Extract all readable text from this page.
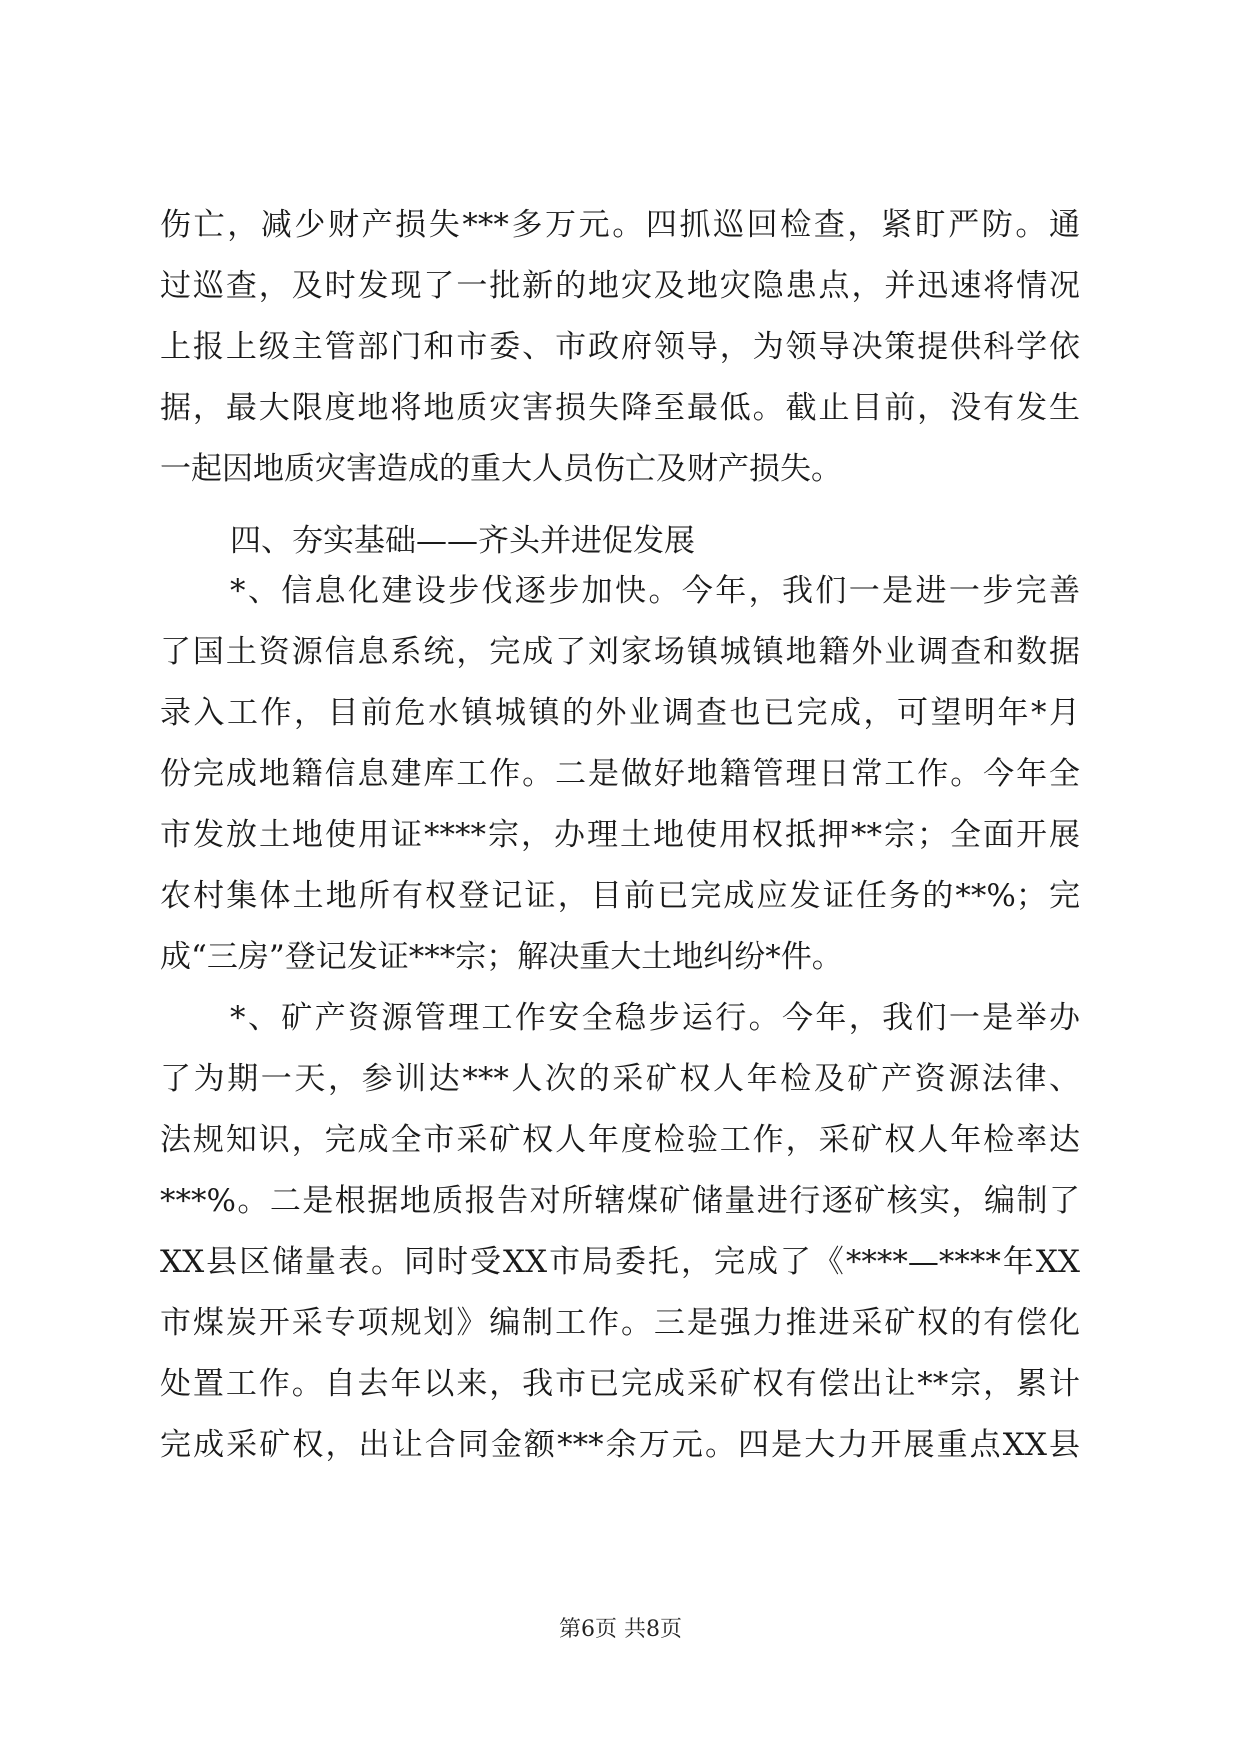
伤亡，减少财产损失***多万元。四抓巡回检查，紧盯严防。通
过巡查，及时发现了一批新的地灾及地灾隐患点，并迅速将情况
上报上级主管部门和市委、市政府领导，为领导决策提供科学依
据，最大限度地将地质灾害损失降至最低。截止目前，没有发生
一起因地质灾害造成的重大人员伤亡及财产损失。
四、夯实基础——齐头并进促发展
*、信息化建设步伐逐步加快。今年，我们一是进一步完善
了国土资源信息系统，完成了刘家场镇城镇地籍外业调查和数据
录入工作，目前危水镇城镇的外业调查也已完成，可望明年*月
份完成地籍信息建库工作。二是做好地籍管理日常工作。今年全
市发放土地使用证****宗，办理土地使用权抵押**宗；全面开展
农村集体土地所有权登记证，目前已完成应发证任务的**%；完
成“三房”登记发证***宗；解决重大土地纠纷*件。
*、矿产资源管理工作安全稳步运行。今年，我们一是举办
了为期一天，参训达***人次的采矿权人年检及矿产资源法律、
法规知识，完成全市采矿权人年度检验工作，采矿权人年检率达
***%。二是根据地质报告对所辖煤矿储量进行逐矿核实，编制了
XX县区储量表。同时受XX市局委托，完成了《****—****年XX
市煤炭开采专项规划》编制工作。三是强力推进采矿权的有偿化
处置工作。自去年以来，我市已完成采矿权有偿出让**宗，累计
完成采矿权，出让合同金额***余万元。四是大力开展重点XX县
第6页 共8页
